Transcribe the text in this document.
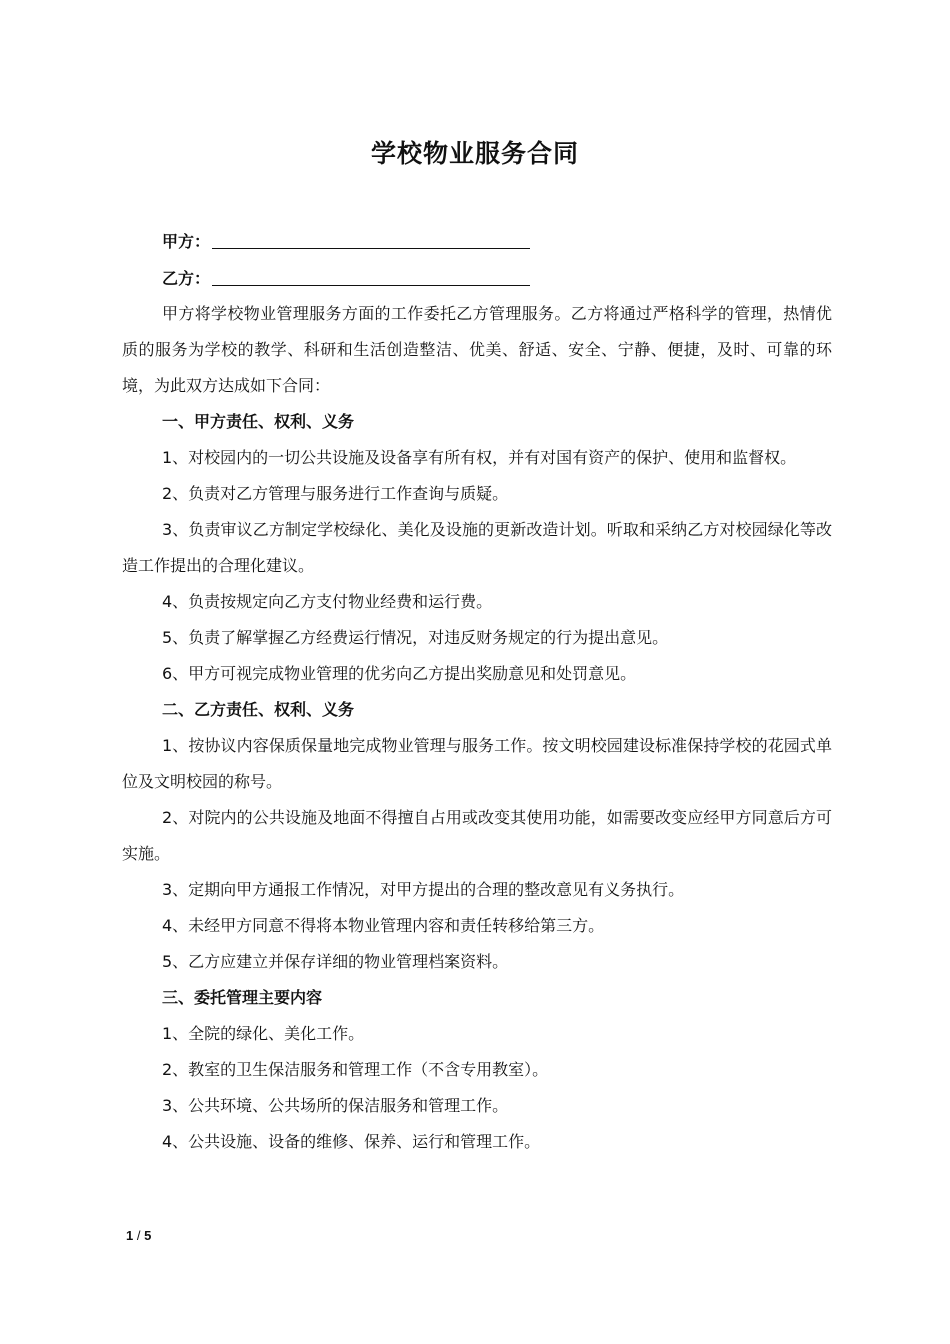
学校物业服务合同
甲方：
乙方：

甲方将学校物业管理服务方面的工作委托乙方管理服务。乙方将通过严格科学的管理，热情优质的服务为学校的教学、科研和生活创造整洁、优美、舒适、安全、宁静、便捷，及时、可靠的环境，为此双方达成如下合同：

一、甲方责任、权利、义务

1、对校园内的一切公共设施及设备享有所有权，并有对国有资产的保护、使用和监督权。

2、负责对乙方管理与服务进行工作查询与质疑。

3、负责审议乙方制定学校绿化、美化及设施的更新改造计划。听取和采纳乙方对校园绿化等改造工作提出的合理化建议。

4、负责按规定向乙方支付物业经费和运行费。

5、负责了解掌握乙方经费运行情况，对违反财务规定的行为提出意见。

6、甲方可视完成物业管理的优劣向乙方提出奖励意见和处罚意见。

二、乙方责任、权利、义务

1、按协议内容保质保量地完成物业管理与服务工作。按文明校园建设标准保持学校的花园式单位及文明校园的称号。

2、对院内的公共设施及地面不得擅自占用或改变其使用功能，如需要改变应经甲方同意后方可实施。

3、定期向甲方通报工作情况，对甲方提出的合理的整改意见有义务执行。

4、未经甲方同意不得将本物业管理内容和责任转移给第三方。

5、乙方应建立并保存详细的物业管理档案资料。

三、委托管理主要内容

1、全院的绿化、美化工作。

2、教室的卫生保洁服务和管理工作（不含专用教室）。

3、公共环境、公共场所的保洁服务和管理工作。

4、公共设施、设备的维修、保养、运行和管理工作。

1 / 5
